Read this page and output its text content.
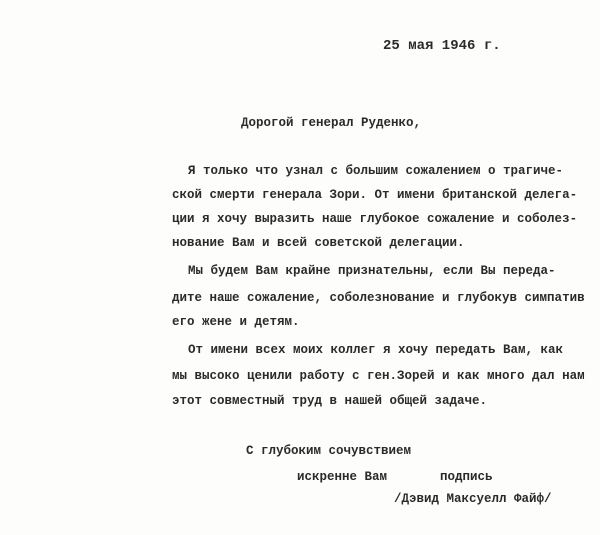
25 мая 1946 г.
Дорогой генерал Руденко,
Я только что узнал с большим сожалением о трагиче-
ской смерти генерала Зори. От имени британской делега-
ции я хочу выразить наше глубокое сожаление и соболез-
нование Вам и всей советской делегации.
Мы будем Вам крайне признательны, если Вы переда-
дите наше сожаление, соболезнование и глубокув симпатив
его жене и детям.
От имени всех моих коллег я хочу передать Вам, как
мы высоко ценили работу с ген.Зорей и как много дал нам
этот совместный труд в нашей общей задаче.
С глубоким сочувствием
искренне Вам	подпись
/Дэвид Максуелл Файф/
